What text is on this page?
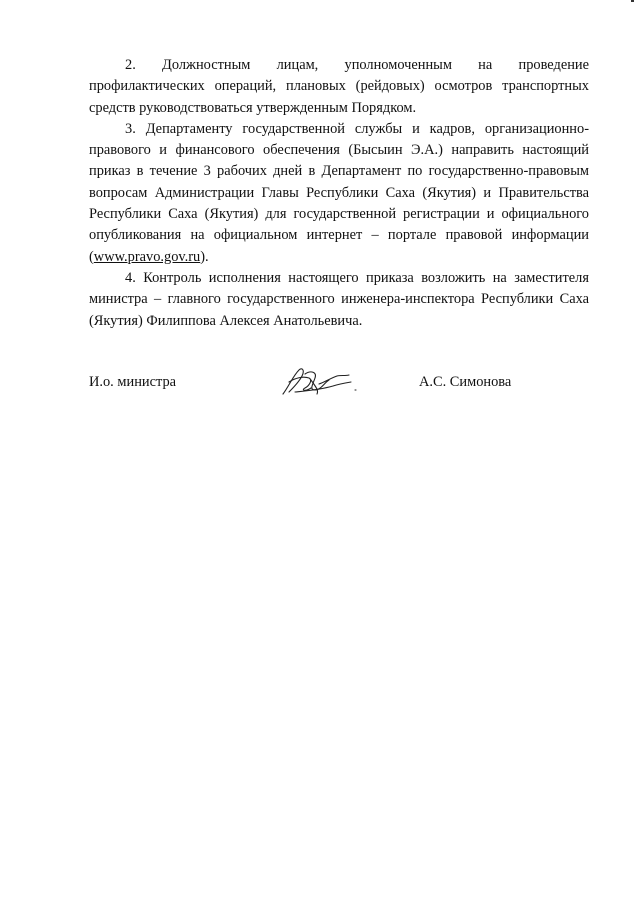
2. Должностным лицам, уполномоченным на проведение профилактических операций, плановых (рейдовых) осмотров транспортных средств руководствоваться утвержденным Порядком.

3. Департаменту государственной службы и кадров, организационно-правового и финансового обеспечения (Бысыин Э.А.) направить настоящий приказ в течение 3 рабочих дней в Департамент по государственно-правовым вопросам Администрации Главы Республики Саха (Якутия) и Правительства Республики Саха (Якутия) для государственной регистрации и официального опубликования на официальном интернет – портале правовой информации (www.pravo.gov.ru).

4. Контроль исполнения настоящего приказа возложить на заместителя министра – главного государственного инженера-инспектора Республики Саха (Якутия) Филиппова Алексея Анатольевича.

И.о. министра	А.С. Симонова
